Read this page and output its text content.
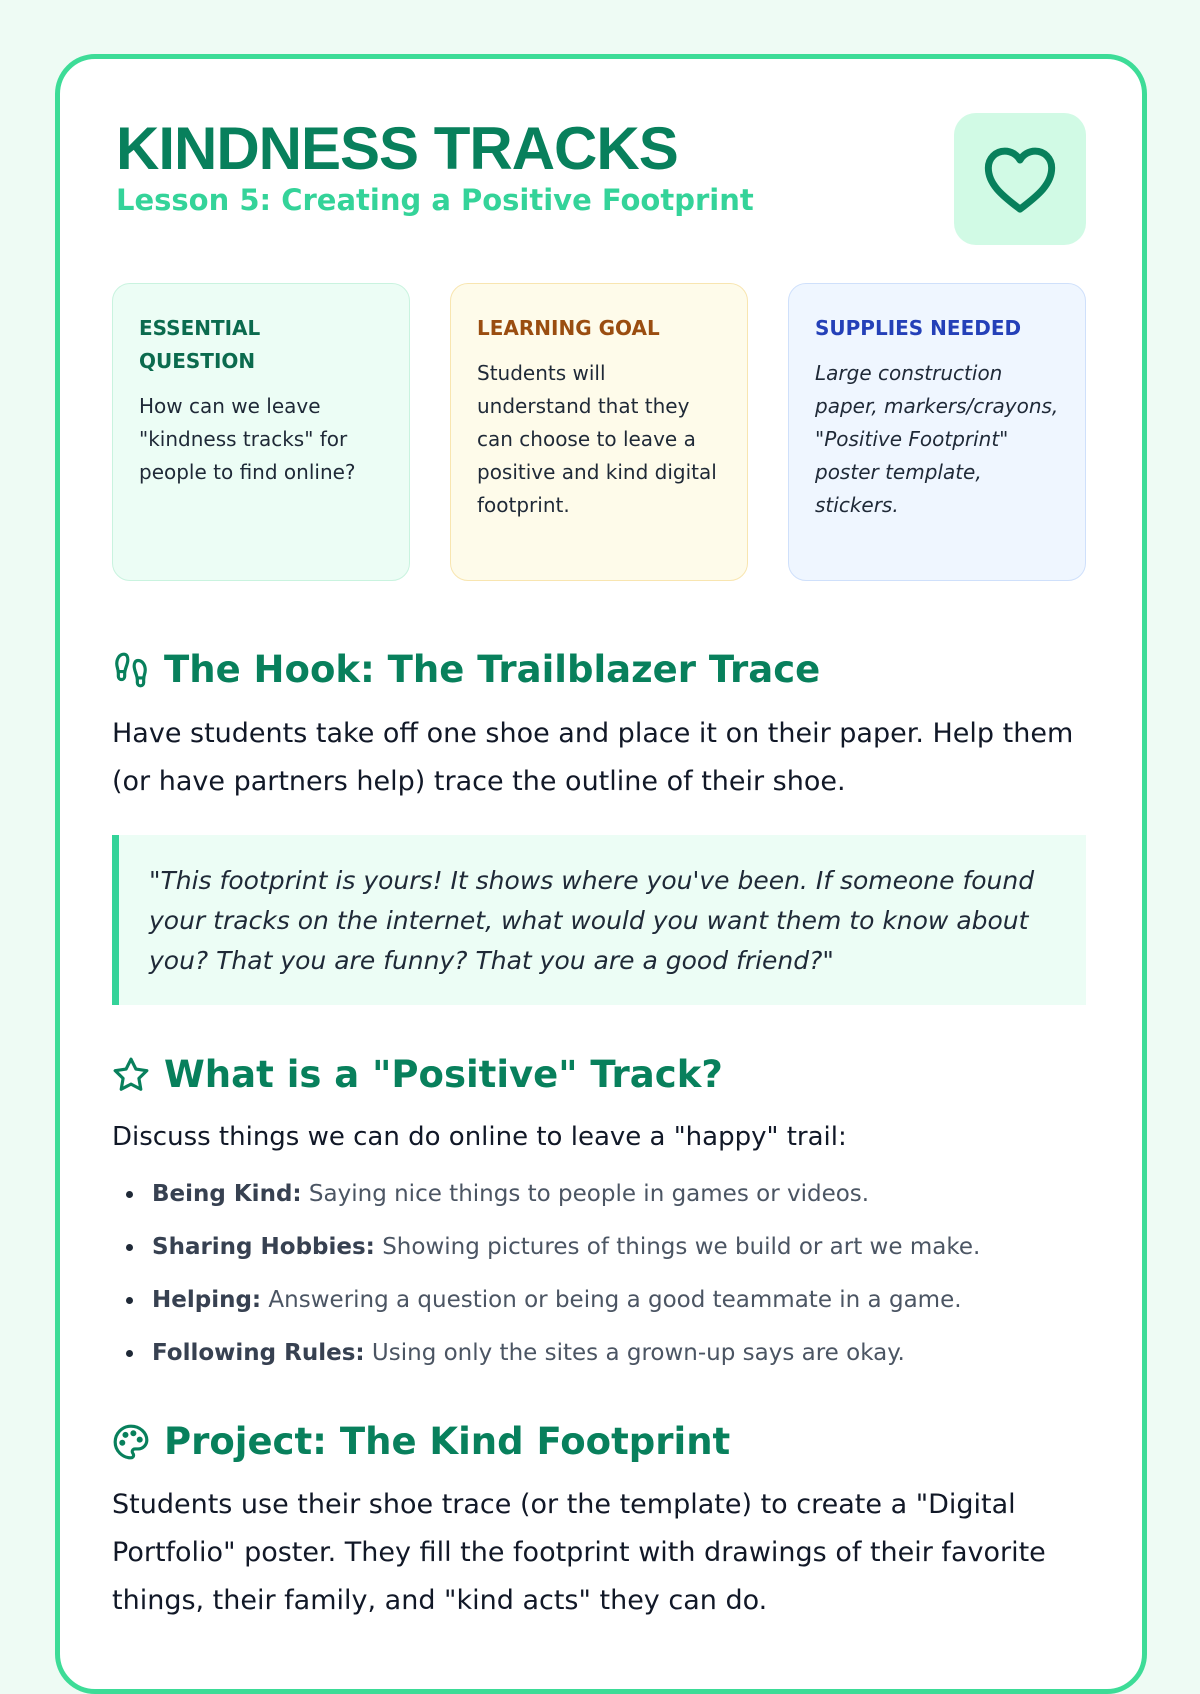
KINDNESS TRACKS
Lesson 5: Creating a Positive Footprint
ESSENTIAL QUESTION
How can we leave "kindness tracks" for people to find online?
LEARNING GOAL
Students will understand that they can choose to leave a positive and kind digital footprint.
SUPPLIES NEEDED
Large construction paper, markers/crayons, "Positive Footprint" poster template, stickers.
The Hook: The Trailblazer Trace

Have students take off one shoe and place it on their paper. Help them (or have partners help) trace the outline of their shoe.

"This footprint is yours! It shows where you've been. If someone found your tracks on the internet, what would you want them to know about you? That you are funny? That you are a good friend?"
What is a "Positive" Track?

Discuss things we can do online to leave a "happy" trail:

Being Kind: Saying nice things to people in games or videos.
Sharing Hobbies: Showing pictures of things we build or art we make.
Helping: Answering a question or being a good teammate in a game.
Following Rules: Using only the sites a grown-up says are okay.
Project: The Kind Footprint

Students use their shoe trace (or the template) to create a "Digital Portfolio" poster. They fill the footprint with drawings of their favorite things, their family, and "kind acts" they can do.
